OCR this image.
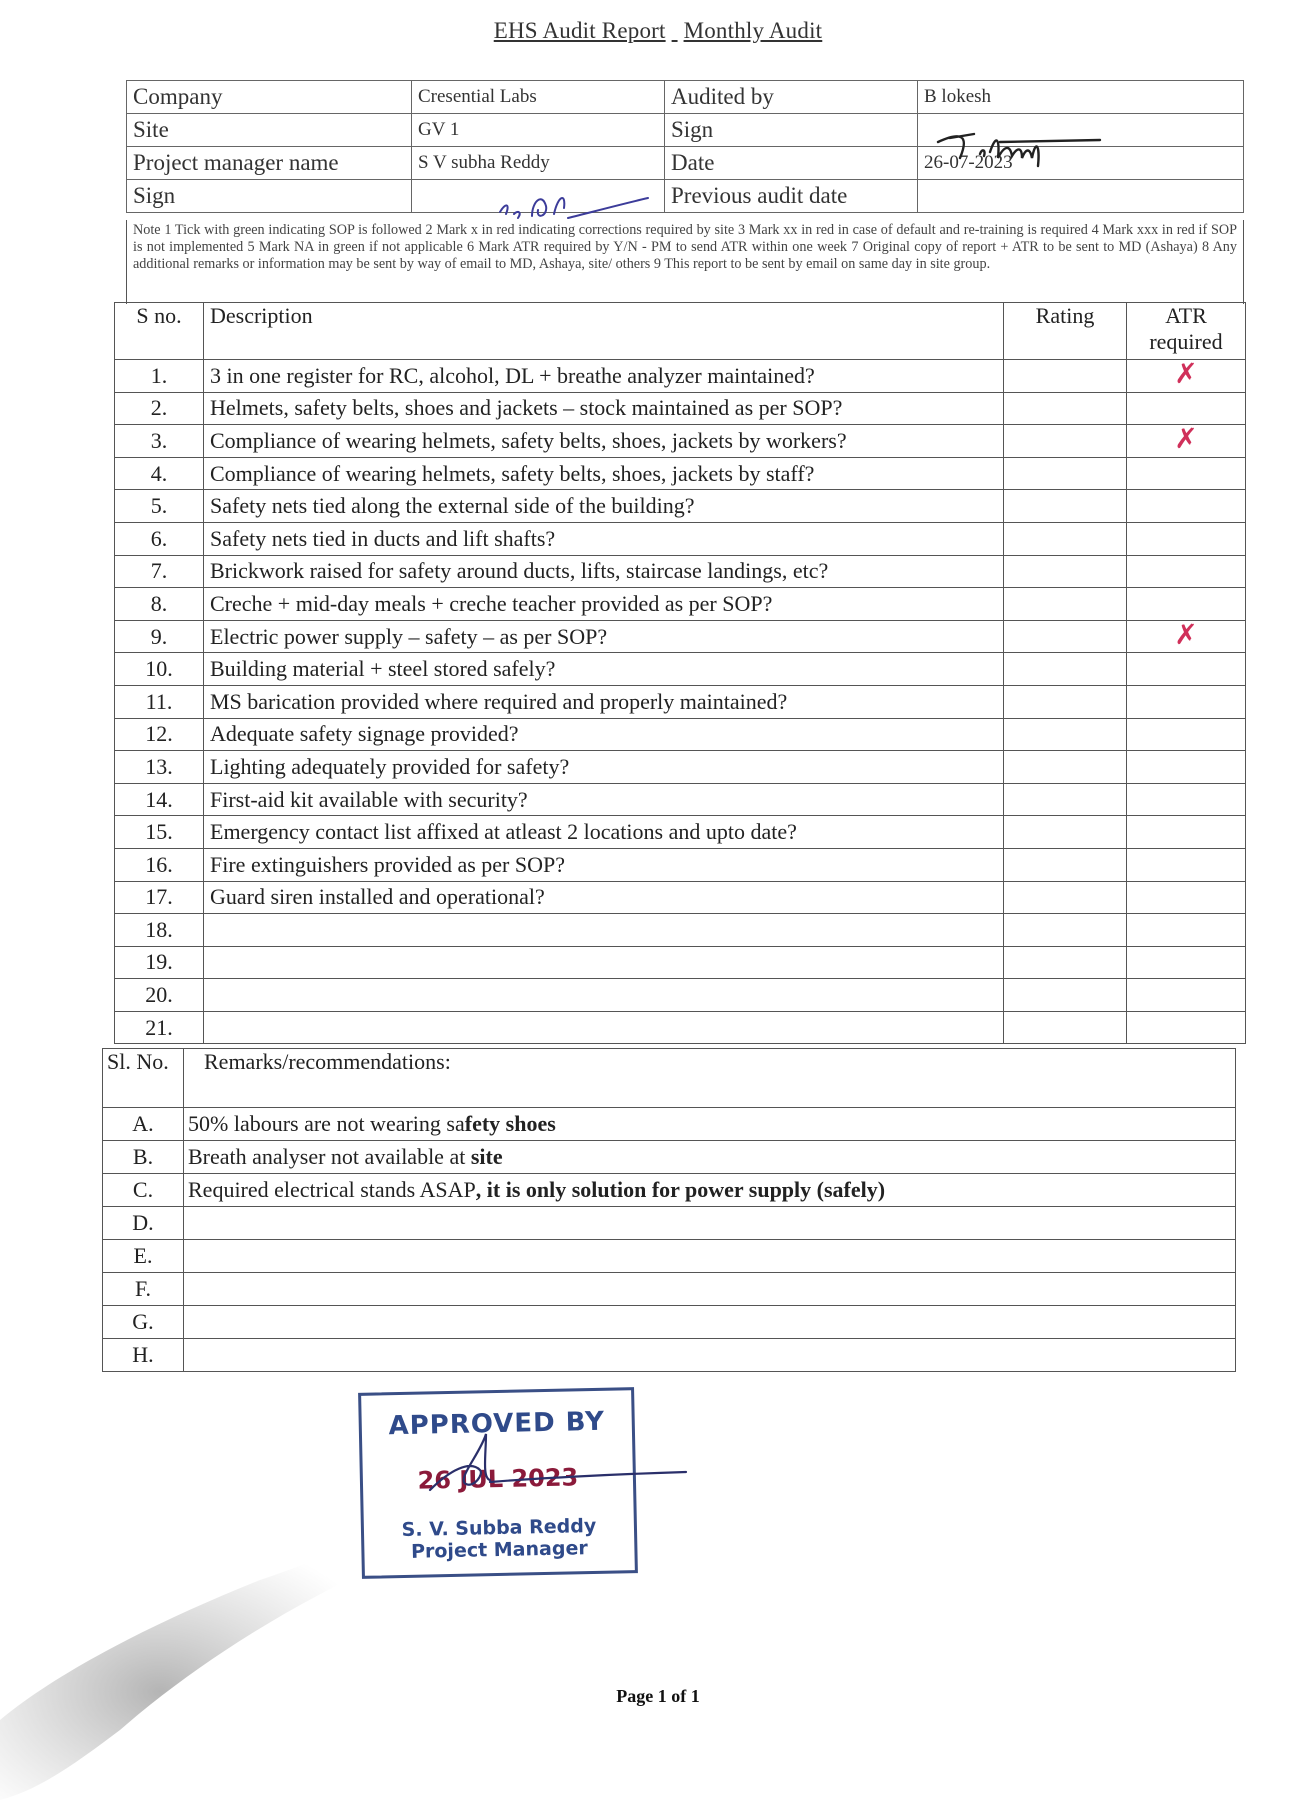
EHS Audit Report Monthly Audit
Company	Cresential Labs	Audited by	B lokesh
Site	GV 1	Sign	
Project manager name	S V subha Reddy	Date	26-07-2023
Sign		Previous audit date	
Note 1 Tick with green indicating SOP is followed 2 Mark x in red indicating corrections required by site 3 Mark xx in red in case of default and re-training is required 4 Mark xxx in red if SOP is not implemented 5 Mark NA in green if not applicable 6 Mark ATR required by Y/N - PM to send ATR within one week 7 Original copy of report + ATR to be sent to MD (Ashaya) 8 Any additional remarks or information may be sent by way of email to MD, Ashaya, site/ others 9 This report to be sent by email on same day in site group.
S no.	Description	Rating	ATR required
1.	3 in one register for RC, alcohol, DL + breathe analyzer maintained?		✗
2.	Helmets, safety belts, shoes and jackets – stock maintained as per SOP?		
3.	Compliance of wearing helmets, safety belts, shoes, jackets by workers?		✗
4.	Compliance of wearing helmets, safety belts, shoes, jackets by staff?		
5.	Safety nets tied along the external side of the building?		
6.	Safety nets tied in ducts and lift shafts?		
7.	Brickwork raised for safety around ducts, lifts, staircase landings, etc?		
8.	Creche + mid-day meals + creche teacher provided as per SOP?		
9.	Electric power supply – safety – as per SOP?		✗
10.	Building material + steel stored safely?		
11.	MS barication provided where required and properly maintained?		
12.	Adequate safety signage provided?		
13.	Lighting adequately provided for safety?		
14.	First-aid kit available with security?		
15.	Emergency contact list affixed at atleast 2 locations and upto date?		
16.	Fire extinguishers provided as per SOP?		
17.	Guard siren installed and operational?		
18.			
19.			
20.			
21.			
Sl. No.	Remarks/recommendations:
A.	50% labours are not wearing safety shoes
B.	Breath analyser not available at site
C.	Required electrical stands ASAP, it is only solution for power supply (safely)
D.	
E.	
F.	
G.	
H.	
APPROVED BY
26 JUL 2023
S. V. Subba Reddy
Project Manager
Page 1 of 1
